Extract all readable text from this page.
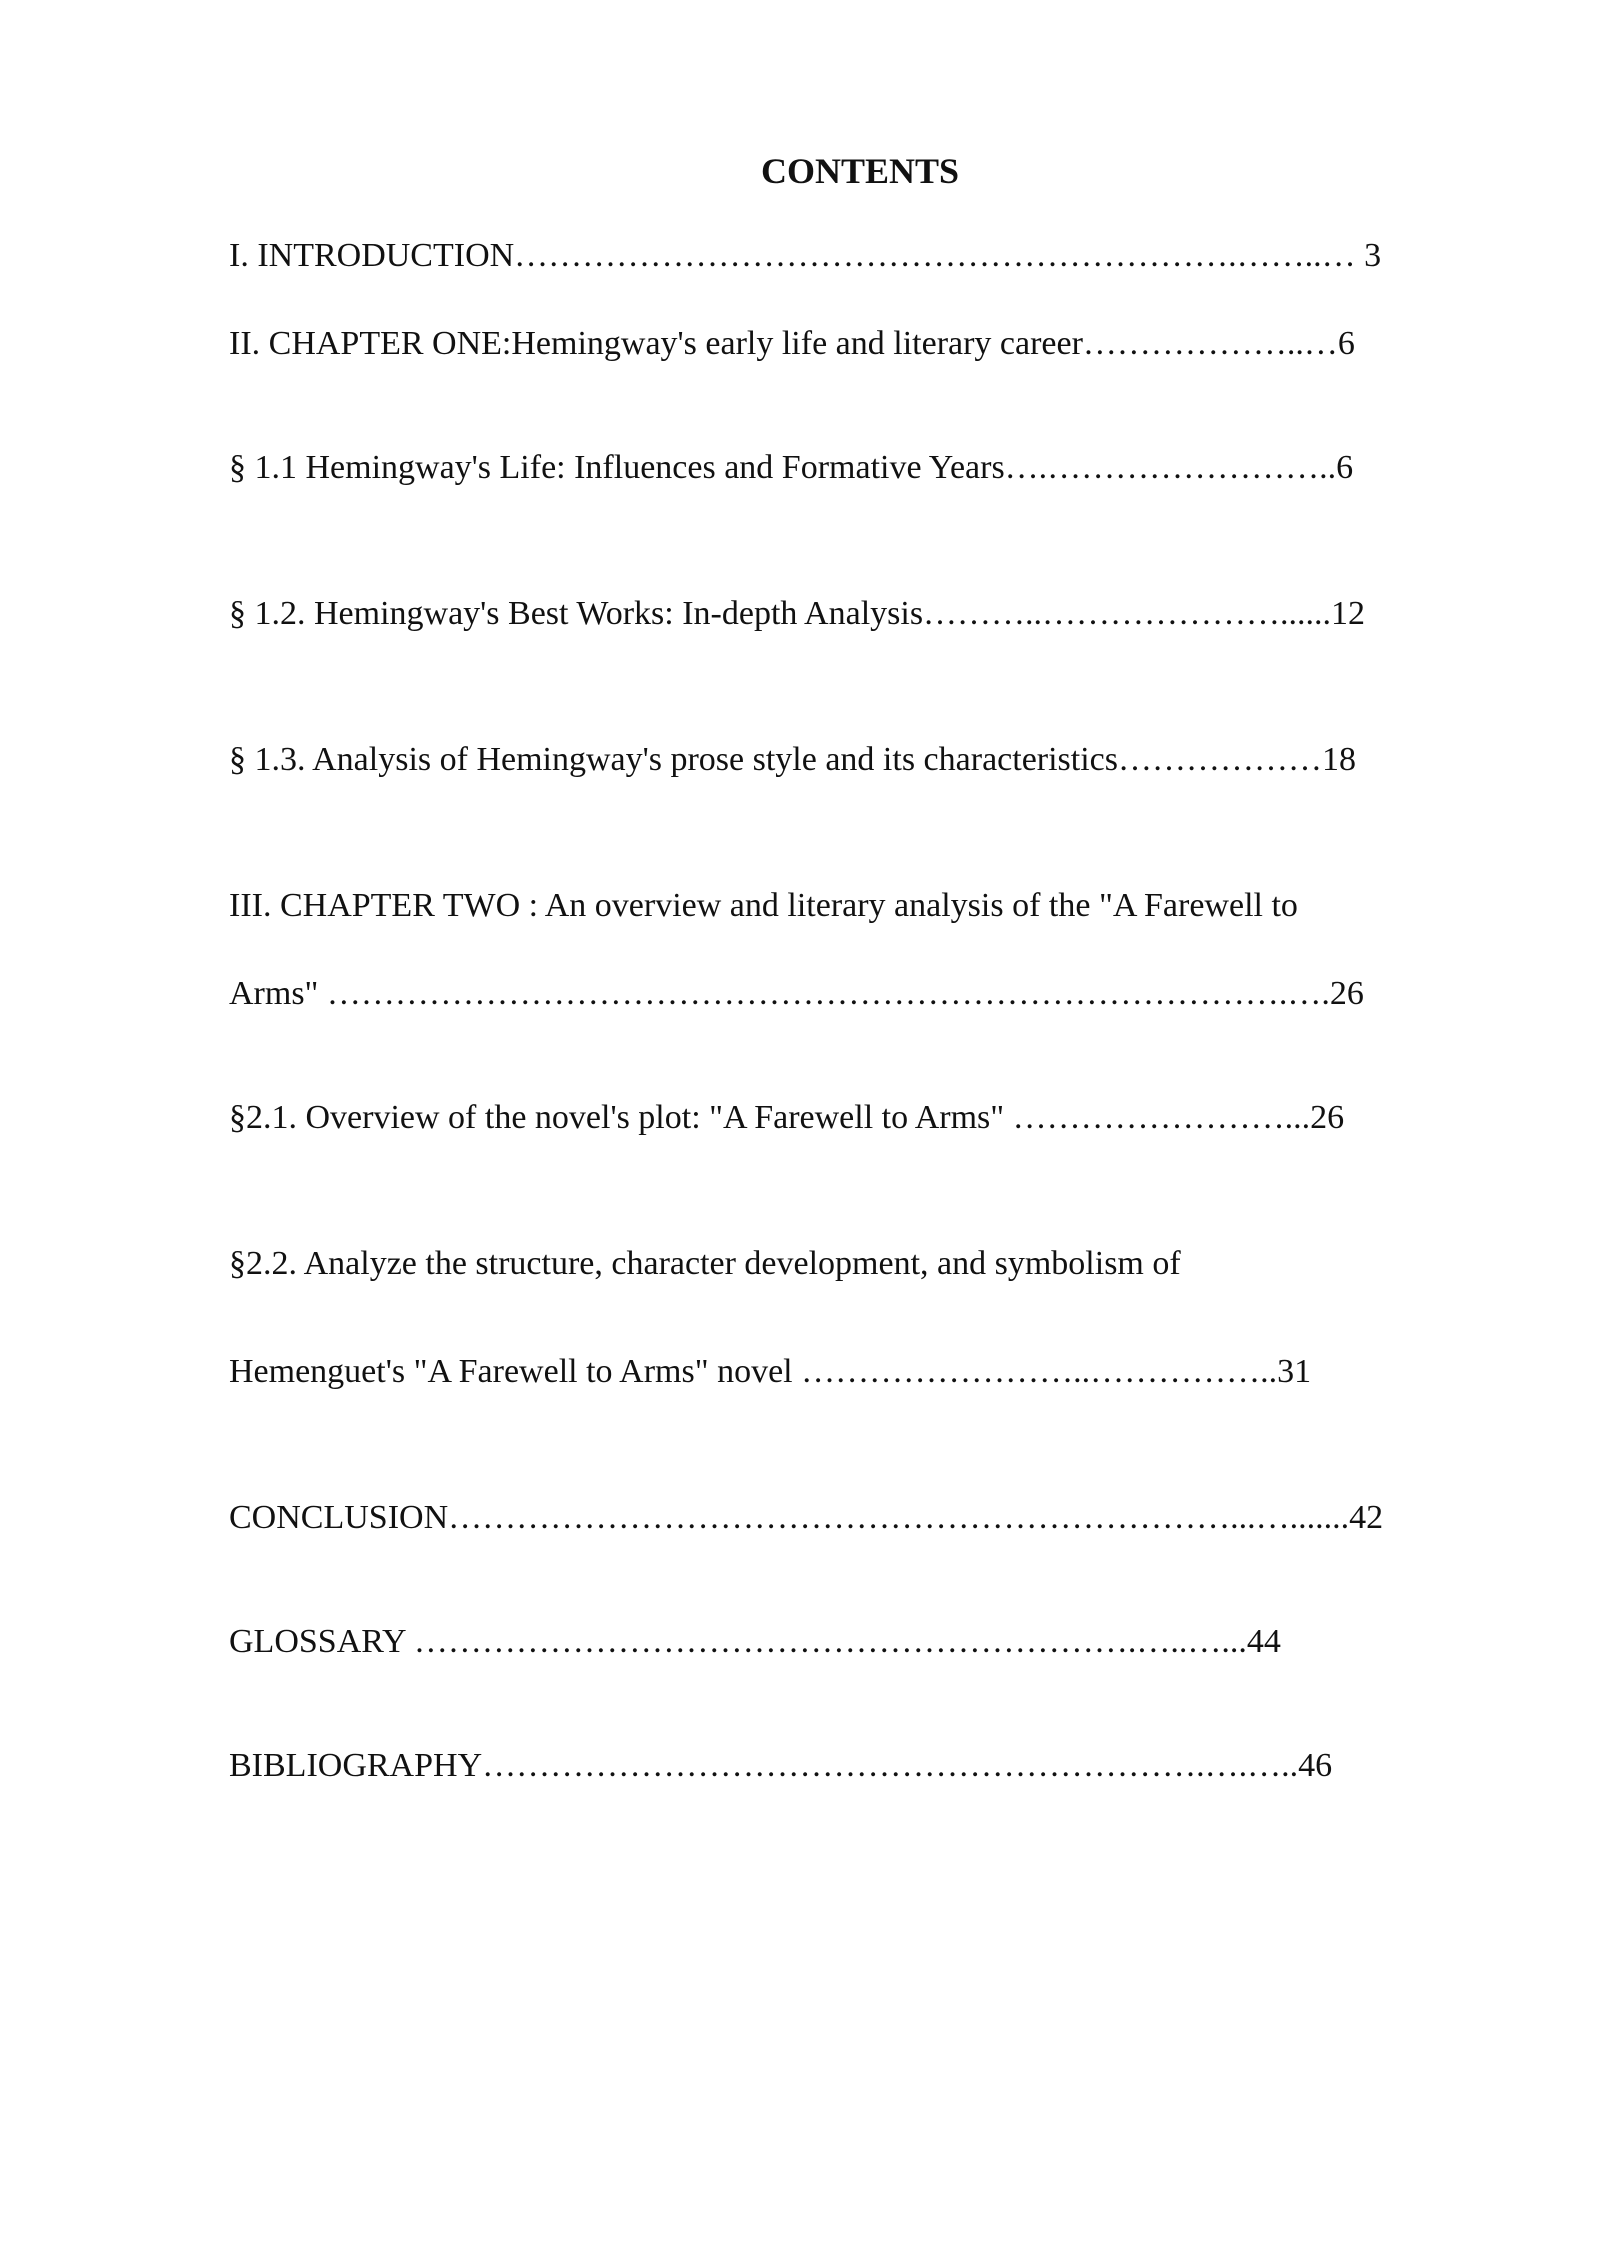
CONTENTS
I. INTRODUCTION……………………………………………………….……..… 3
II. CHAPTER ONE:Hemingway's early life and literary career………………..…6
§ 1.1 Hemingway's Life: Influences and Formative Years….……………………..6
§ 1.2. Hemingway's Best Works: In-depth Analysis………..…………………......12
§ 1.3. Analysis of Hemingway's prose style and its characteristics………………18
III. CHAPTER TWO : An overview and literary analysis of the "A Farewell to
Arms" ………………………………………………………………………….….26
§2.1. Overview of the novel's plot: "A Farewell to Arms" ……………………...26
§2.2. Analyze the structure, character development, and symbolism of
Hemenguet's "A Farewell to Arms" novel ……………………..……………..31
CONCLUSION……………………………………………………………...….......42
GLOSSARY ……………………………………………………….…..…...44
BIBLIOGRAPHY……………………………………………………….….…..46
